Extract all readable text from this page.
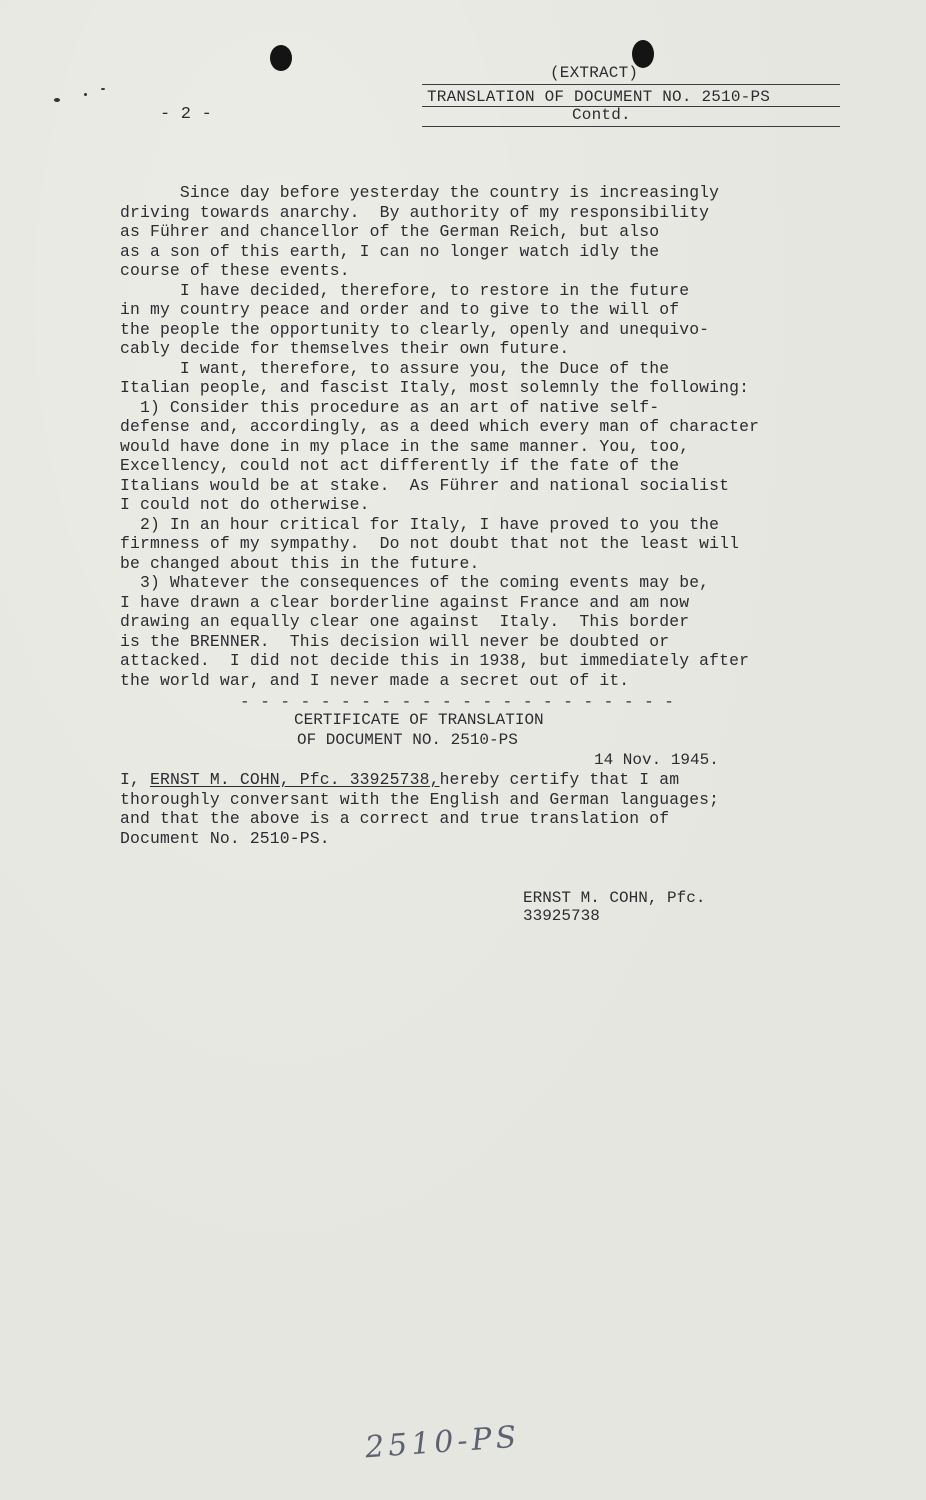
- 2 -
(EXTRACT)
TRANSLATION OF DOCUMENT NO. 2510-PS
Contd.
Since day before yesterday the country is increasingly
driving towards anarchy.  By authority of my responsibility
as Führer and chancellor of the German Reich, but also
as a son of this earth, I can no longer watch idly the
course of these events.
I have decided, therefore, to restore in the future
in my country peace and order and to give to the will of
the people the opportunity to clearly, openly and unequivo-
cably decide for themselves their own future.
I want, therefore, to assure you, the Duce of the
Italian people, and fascist Italy, most solemnly the following:
1) Consider this procedure as an art of native self-
defense and, accordingly, as a deed which every man of character
would have done in my place in the same manner. You, too,
Excellency, could not act differently if the fate of the
Italians would be at stake.  As Führer and national socialist
I could not do otherwise.
2) In an hour critical for Italy, I have proved to you the
firmness of my sympathy.  Do not doubt that not the least will
be changed about this in the future.
3) Whatever the consequences of the coming events may be,
I have drawn a clear borderline against France and am now
drawing an equally clear one against  Italy.  This border
is the BRENNER.  This decision will never be doubted or
attacked.  I did not decide this in 1938, but immediately after
the world war, and I never made a secret out of it.
- - - - - - - - - - - - - - - - - - - - - -
CERTIFICATE OF TRANSLATION
OF DOCUMENT NO. 2510-PS
14 Nov. 1945.
I, ERNST M. COHN, Pfc. 33925738,hereby certify that I am
thoroughly conversant with the English and German languages;
and that the above is a correct and true translation of
Document No. 2510-PS.
ERNST M. COHN, Pfc.
33925738
2510-PS
